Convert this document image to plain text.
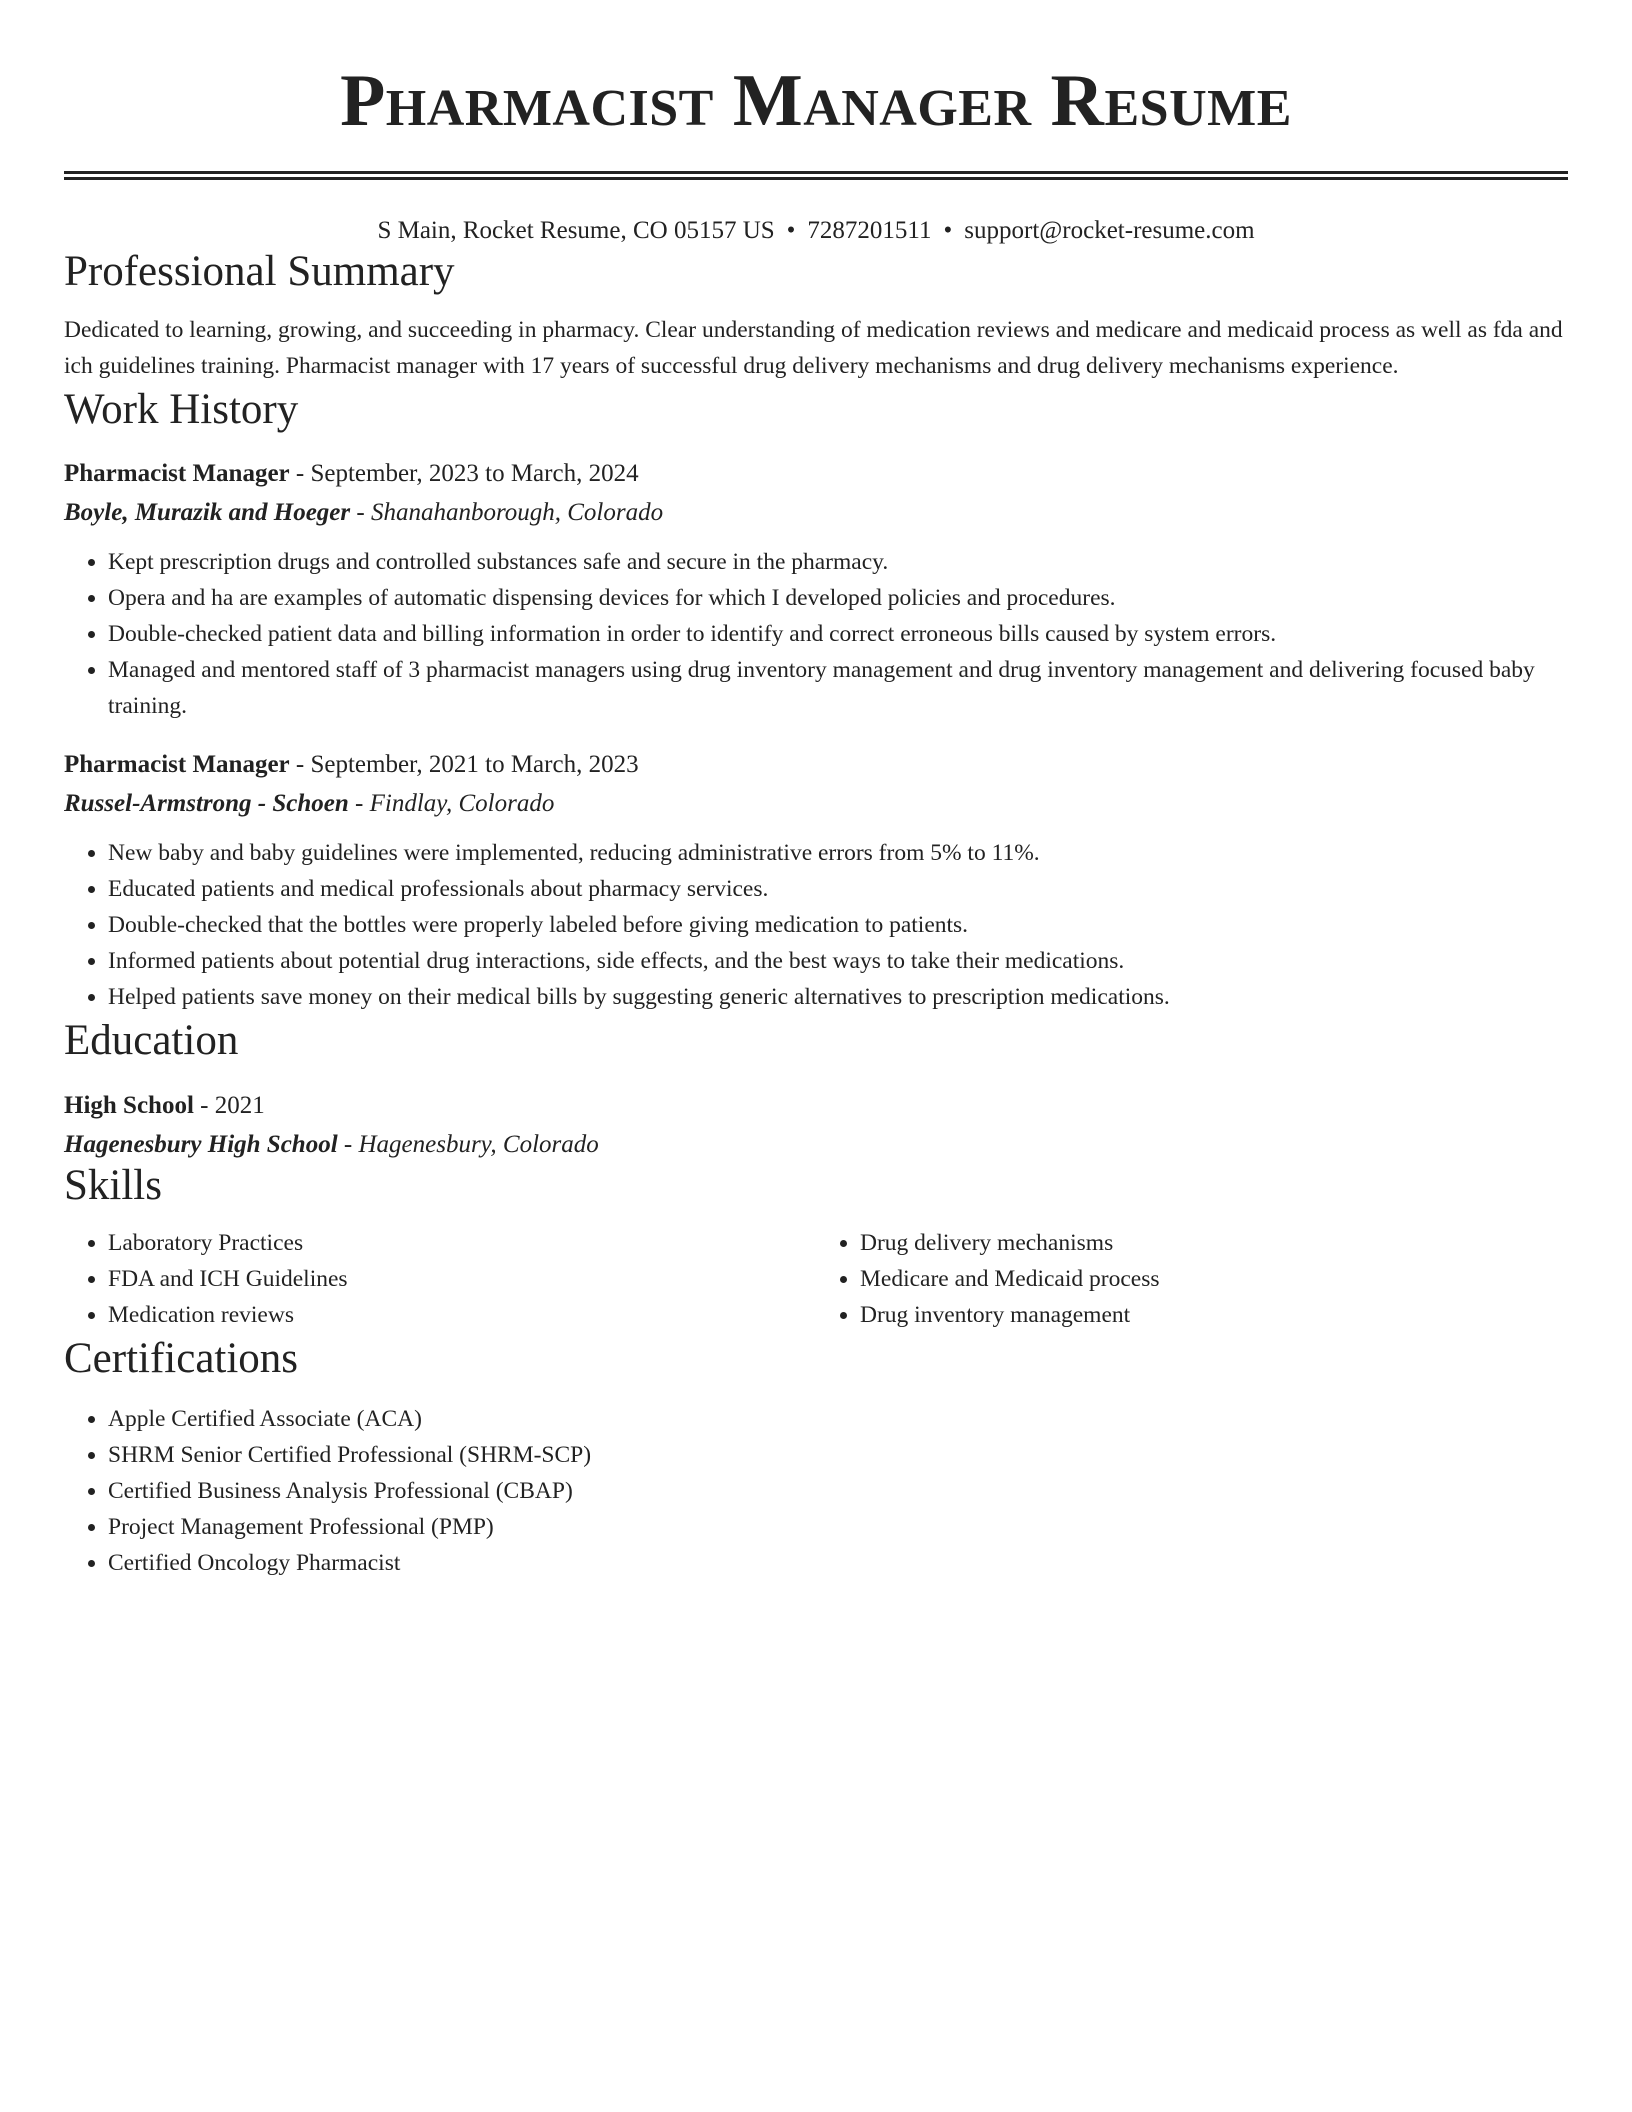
Pharmacist Manager Resume
S Main, Rocket Resume, CO 05157 US • 7287201511 • support@rocket-resume.com
Professional Summary

Dedicated to learning, growing, and succeeding in pharmacy. Clear understanding of medication reviews and medicare and medicaid process as well as fda and ich guidelines training. Pharmacist manager with 17 years of successful drug delivery mechanisms and drug delivery mechanisms experience.

Work History
Pharmacist Manager - September, 2023 to March, 2024
Boyle, Murazik and Hoeger - Shanahanborough, Colorado
• Kept prescription drugs and controlled substances safe and secure in the pharmacy.
• Opera and ha are examples of automatic dispensing devices for which I developed policies and procedures.
• Double-checked patient data and billing information in order to identify and correct erroneous bills caused by system errors.
• Managed and mentored staff of 3 pharmacist managers using drug inventory management and drug inventory management and delivering focused baby training.
Pharmacist Manager - September, 2021 to March, 2023
Russel-Armstrong - Schoen - Findlay, Colorado
• New baby and baby guidelines were implemented, reducing administrative errors from 5% to 11%.
• Educated patients and medical professionals about pharmacy services.
• Double-checked that the bottles were properly labeled before giving medication to patients.
• Informed patients about potential drug interactions, side effects, and the best ways to take their medications.
• Helped patients save money on their medical bills by suggesting generic alternatives to prescription medications.
Education
High School - 2021
Hagenesbury High School - Hagenesbury, Colorado
Skills
• Laboratory Practices
• FDA and ICH Guidelines
• Medication reviews
• Drug delivery mechanisms
• Medicare and Medicaid process
• Drug inventory management
Certifications
• Apple Certified Associate (ACA)
• SHRM Senior Certified Professional (SHRM-SCP)
• Certified Business Analysis Professional (CBAP)
• Project Management Professional (PMP)
• Certified Oncology Pharmacist
